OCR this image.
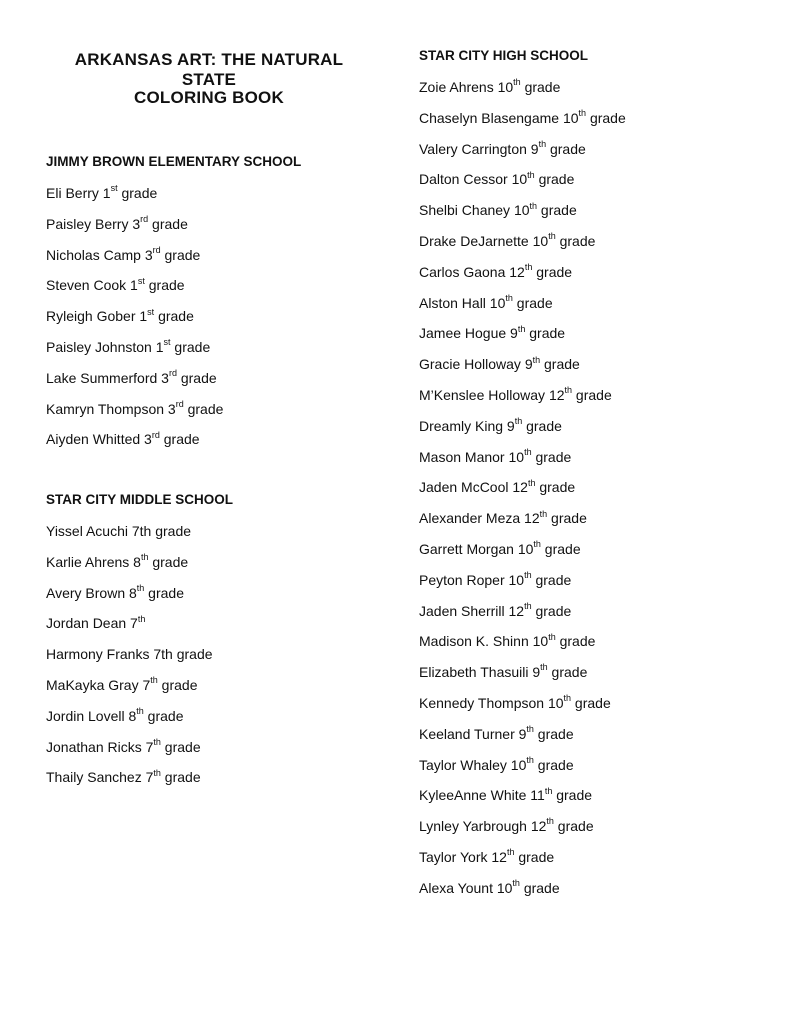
ARKANSAS ART: THE NATURAL STATE
COLORING BOOK
JIMMY BROWN ELEMENTARY SCHOOL
Eli Berry 1st grade
Paisley Berry 3rd grade
Nicholas Camp 3rd grade
Steven Cook 1st grade
Ryleigh Gober 1st grade
Paisley Johnston 1st grade
Lake Summerford 3rd grade
Kamryn Thompson 3rd grade
Aiyden Whitted 3rd grade
STAR CITY MIDDLE SCHOOL
Yissel Acuchi 7th grade
Karlie Ahrens 8th grade
Avery Brown 8th grade
Jordan Dean 7th
Harmony Franks 7th grade
MaKayka Gray 7th grade
Jordin Lovell 8th grade
Jonathan Ricks 7th grade
Thaily Sanchez 7th grade
STAR CITY HIGH SCHOOL
Zoie Ahrens 10th grade
Chaselyn Blasengame 10th grade
Valery Carrington 9th grade
Dalton Cessor 10th grade
Shelbi Chaney 10th grade
Drake DeJarnette 10th grade
Carlos Gaona 12th grade
Alston Hall 10th grade
Jamee Hogue 9th grade
Gracie Holloway 9th grade
M’Kenslee Holloway 12th grade
Dreamly King 9th grade
Mason Manor 10th grade
Jaden McCool 12th grade
Alexander Meza 12th grade
Garrett Morgan 10th grade
Peyton Roper 10th grade
Jaden Sherrill 12th grade
Madison K. Shinn 10th grade
Elizabeth Thasuili 9th grade
Kennedy Thompson 10th grade
Keeland Turner 9th grade
Taylor Whaley 10th grade
KyleeAnne White 11th grade
Lynley Yarbrough 12th grade
Taylor York 12th grade
Alexa Yount 10th grade
